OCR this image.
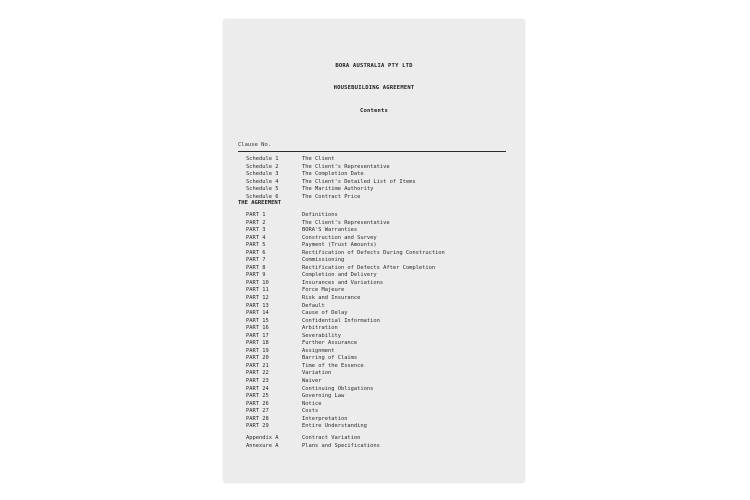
BORA AUSTRALIA PTY LTD
HOUSEBUILDING AGREEMENT
Contents
Clause No.
Schedule 1	The Client
Schedule 2	The Client's Representative
Schedule 3	The Completion Date
Schedule 4	The Client's Detailed List of Items
Schedule 5	The Maritime Authority
Schedule 6	The Contract Price
THE AGREEMENT
PART 1	Definitions
PART 2	The Client's Representative
PART 3	BORA'S Warranties
PART 4	Construction and Survey
PART 5	Payment (Trust Amounts)
PART 6	Rectification of Defects During Construction
PART 7	Commissioning
PART 8	Rectification of Defects After Completion
PART 9	Completion and Delivery
PART 10	Insurances and Variations
PART 11	Force Majeure
PART 12	Risk and Insurance
PART 13	Default
PART 14	Cause of Delay
PART 15	Confidential Information
PART 16	Arbitration
PART 17	Severability
PART 18	Further Assurance
PART 19	Assignment
PART 20	Barring of Claims
PART 21	Time of the Essence
PART 22	Variation
PART 23	Waiver
PART 24	Continuing Obligations
PART 25	Governing Law
PART 26	Notice
PART 27	Costs
PART 28	Interpretation
PART 29	Entire Understanding
Appendix A	Contract Variation
Annexure A	Plans and Specifications
